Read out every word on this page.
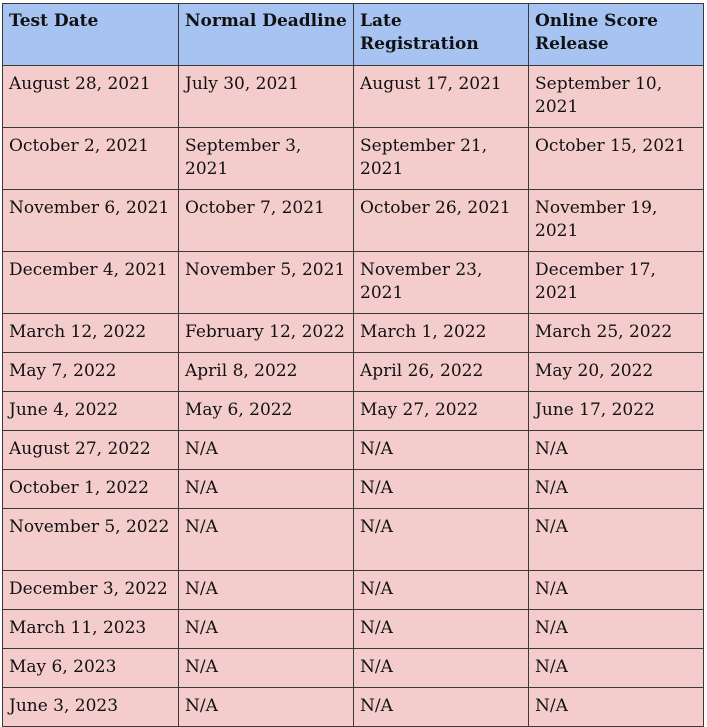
Test Date	Normal Deadline	Late Registration	Online Score Release
August 28, 2021	July 30, 2021	August 17, 2021	September 10, 2021
October 2, 2021	September 3, 2021	September 21, 2021	October 15, 2021
November 6, 2021	October 7, 2021	October 26, 2021	November 19, 2021
December 4, 2021	November 5, 2021	November 23, 2021	December 17, 2021
March 12, 2022	February 12, 2022	March 1, 2022	March 25, 2022
May 7, 2022	April 8, 2022	April 26, 2022	May 20, 2022
June 4, 2022	May 6, 2022	May 27, 2022	June 17, 2022
August 27, 2022	N/A	N/A	N/A
October 1, 2022	N/A	N/A	N/A
November 5, 2022	N/A	N/A	N/A
December 3, 2022	N/A	N/A	N/A
March 11, 2023	N/A	N/A	N/A
May 6, 2023	N/A	N/A	N/A
June 3, 2023	N/A	N/A	N/A
